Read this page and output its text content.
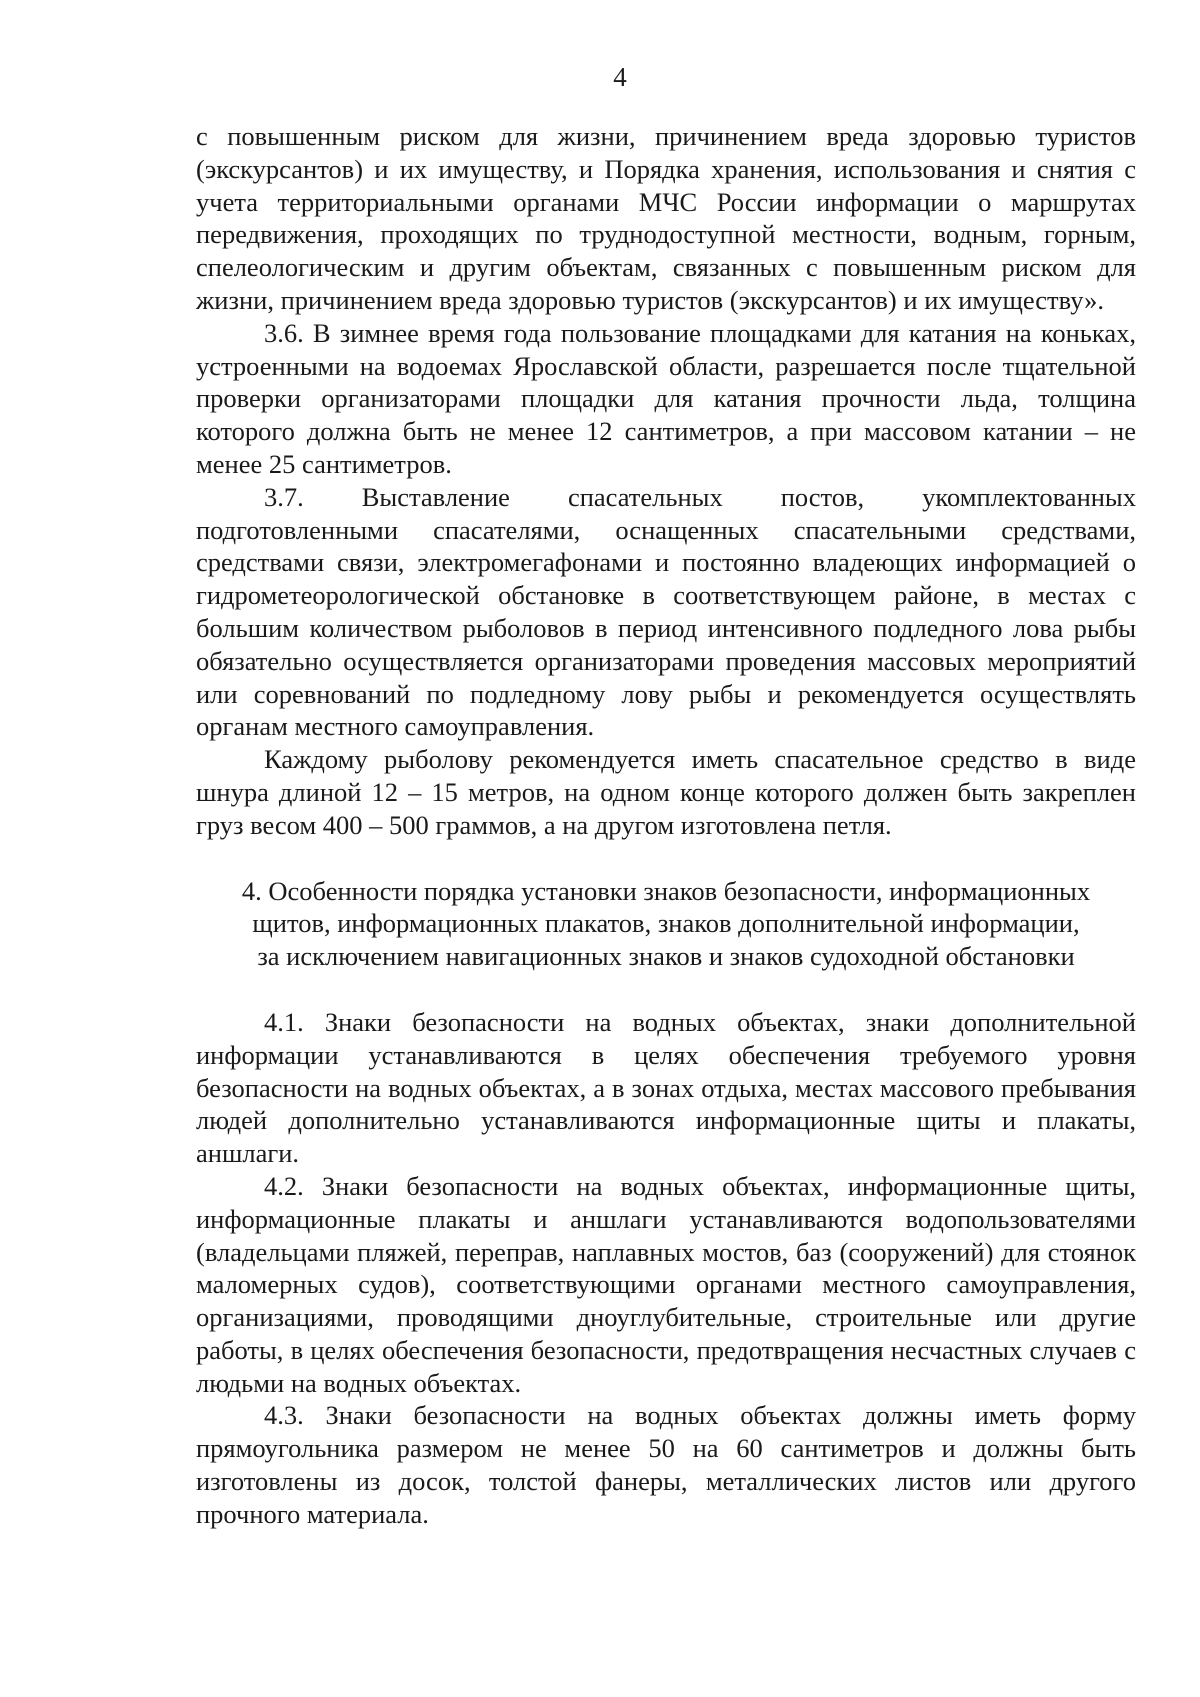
4

с повышенным риском для жизни, причинением вреда здоровью туристов (экскурсантов) и их имуществу, и Порядка хранения, использования и снятия с учета территориальными органами МЧС России информации о маршрутах передвижения, проходящих по труднодоступной местности, водным, горным, спелеологическим и другим объектам, связанных с повышенным риском для жизни, причинением вреда здоровью туристов (экскурсантов) и их имуществу».

3.6. В зимнее время года пользование площадками для катания на коньках, устроенными на водоемах Ярославской области, разрешается после тщательной проверки организаторами площадки для катания прочности льда, толщина которого должна быть не менее 12 сантиметров, а при массовом катании – не менее 25 сантиметров.

3.7. Выставление спасательных постов, укомплектованных подготовленными спасателями, оснащенных спасательными средствами, средствами связи, электромегафонами и постоянно владеющих информацией о гидрометеорологической обстановке в соответствующем районе, в местах с большим количеством рыболовов в период интенсивного подледного лова рыбы обязательно осуществляется организаторами проведения массовых мероприятий или соревнований по подледному лову рыбы и рекомендуется осуществлять органам местного самоуправления.

Каждому рыболову рекомендуется иметь спасательное средство в виде шнура длиной 12 – 15 метров, на одном конце которого должен быть закреплен груз весом 400 – 500 граммов, а на другом изготовлена петля.

4. Особенности порядка установки знаков безопасности, информационных
щитов, информационных плакатов, знаков дополнительной информации,
за исключением навигационных знаков и знаков судоходной обстановки

4.1. Знаки безопасности на водных объектах, знаки дополнительной информации устанавливаются в целях обеспечения требуемого уровня безопасности на водных объектах, а в зонах отдыха, местах массового пребывания людей дополнительно устанавливаются информационные щиты и плакаты, аншлаги.

4.2. Знаки безопасности на водных объектах, информационные щиты, информационные плакаты и аншлаги устанавливаются водопользователями (владельцами пляжей, переправ, наплавных мостов, баз (сооружений) для стоянок маломерных судов), соответствующими органами местного самоуправления, организациями, проводящими дноуглубительные, строительные или другие работы, в целях обеспечения безопасности, предотвращения несчастных случаев с людьми на водных объектах.

4.3. Знаки безопасности на водных объектах должны иметь форму прямоугольника размером не менее 50 на 60 сантиметров и должны быть изготовлены из досок, толстой фанеры, металлических листов или другого прочного материала.
